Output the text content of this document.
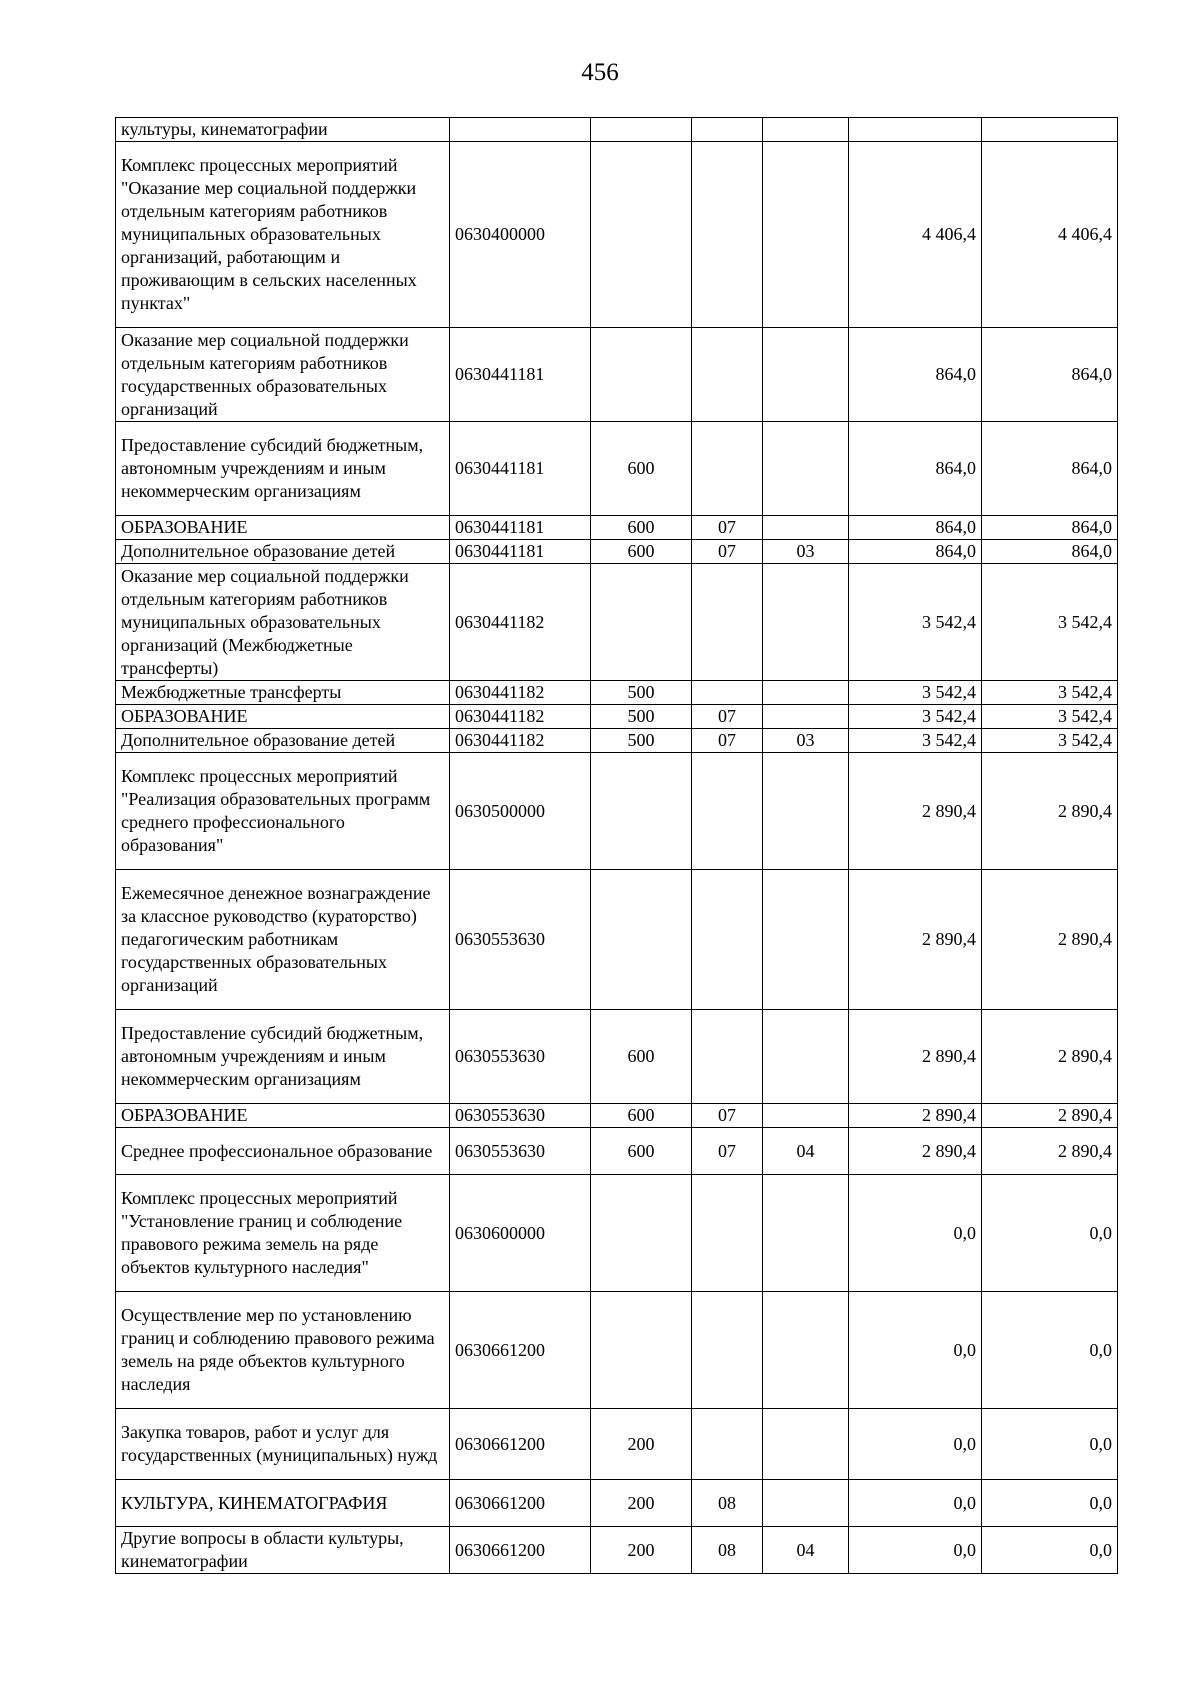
456
культуры, кинематографии						
Комплекс процессных мероприятий "Оказание мер социальной поддержки отдельным категориям работников муниципальных образовательных организаций, работающим и проживающим в сельских населенных пунктах"	0630400000				4 406,4	4 406,4
Оказание мер социальной поддержки отдельным категориям работников государственных образовательных организаций	0630441181				864,0	864,0
Предоставление субсидий бюджетным, автономным учреждениям и иным некоммерческим организациям	0630441181	600			864,0	864,0
ОБРАЗОВАНИЕ	0630441181	600	07		864,0	864,0
Дополнительное образование детей	0630441181	600	07	03	864,0	864,0
Оказание мер социальной поддержки отдельным категориям работников муниципальных образовательных организаций (Межбюджетные трансферты)	0630441182				3 542,4	3 542,4
Межбюджетные трансферты	0630441182	500			3 542,4	3 542,4
ОБРАЗОВАНИЕ	0630441182	500	07		3 542,4	3 542,4
Дополнительное образование детей	0630441182	500	07	03	3 542,4	3 542,4
Комплекс процессных мероприятий "Реализация образовательных программ среднего профессионального образования"	0630500000				2 890,4	2 890,4
Ежемесячное денежное вознаграждение за классное руководство (кураторство) педагогическим работникам государственных образовательных организаций	0630553630				2 890,4	2 890,4
Предоставление субсидий бюджетным, автономным учреждениям и иным некоммерческим организациям	0630553630	600			2 890,4	2 890,4
ОБРАЗОВАНИЕ	0630553630	600	07		2 890,4	2 890,4
Среднее профессиональное образование	0630553630	600	07	04	2 890,4	2 890,4
Комплекс процессных мероприятий "Установление границ и соблюдение правового режима земель на ряде объектов культурного наследия"	0630600000				0,0	0,0
Осуществление мер по установлению границ и соблюдению правового режима земель на ряде объектов культурного наследия	0630661200				0,0	0,0
Закупка товаров, работ и услуг для государственных (муниципальных) нужд	0630661200	200			0,0	0,0
КУЛЬТУРА, КИНЕМАТОГРАФИЯ	0630661200	200	08		0,0	0,0
Другие вопросы в области культуры, кинематографии	0630661200	200	08	04	0,0	0,0
